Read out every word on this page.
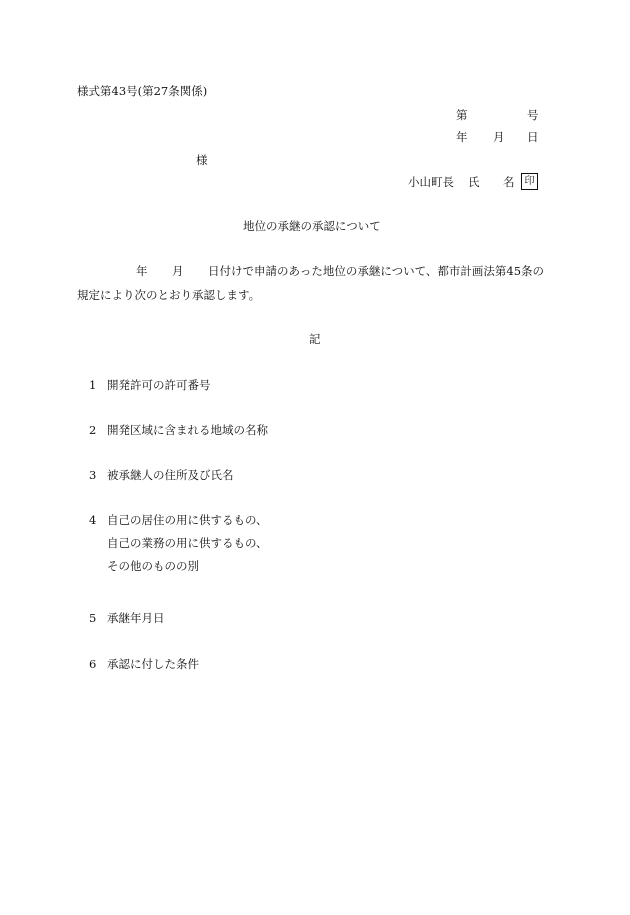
様式第43号(第27条関係)
第	号
年 月 日
様
小山町長 氏 名	印
地位の承継の承認について
年 月 日付けで申請のあった地位の承継について、都市計画法第45条の
規定により次のとおり承認します。
記
1 開発許可の許可番号
2 開発区域に含まれる地域の名称
3 被承継人の住所及び氏名
4 自己の居住の用に供するもの、
自己の業務の用に供するもの、
その他のものの別
5 承継年月日
6 承認に付した条件
